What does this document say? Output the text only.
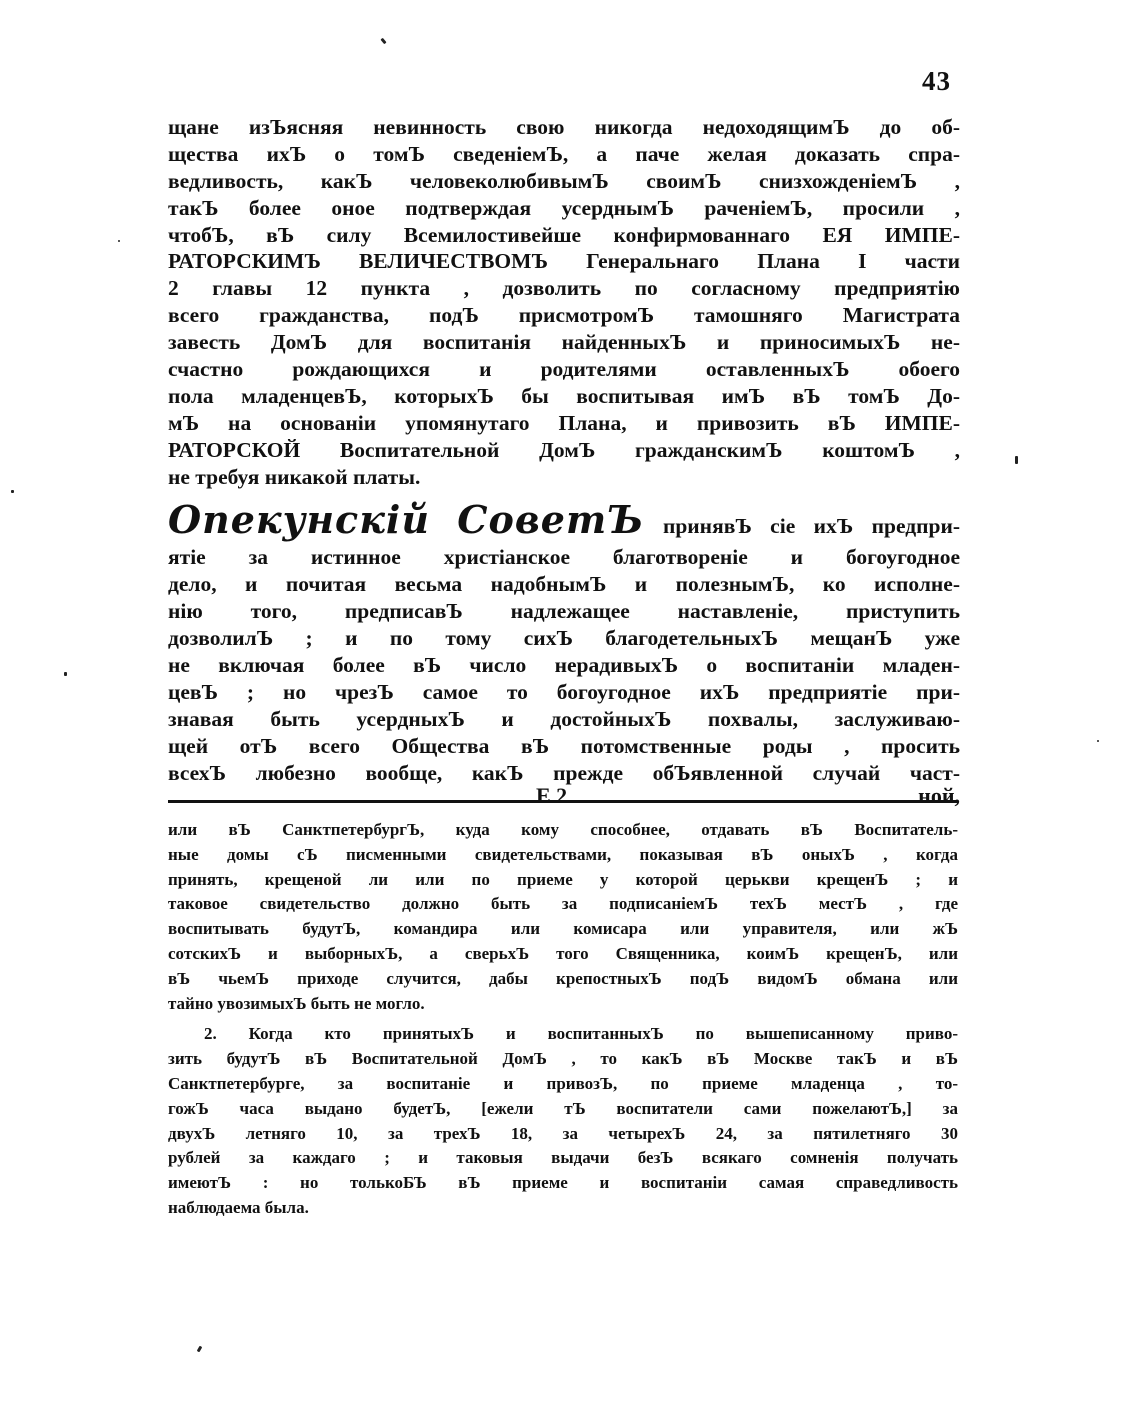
43
щане изЪясняя невинность свою никогда недоходящимЪ до об-
щества ихЪ о томЪ сведенiемЪ, а паче желая доказать спра-
ведливость, какЪ человеколюбивымЪ своимЪ снизхожденiемЪ ,
такЪ более оное подтверждая усерднымЪ раченiемЪ, просили ,
чтобЪ, вЪ силу Всемилостивейше конфирмованнаго ЕЯ ИМПЕ-
РАТОРСКИМЪ ВЕЛИЧЕСТВОМЪ Генеральнаго Плана I части
2 главы 12 пункта , дозволить по согласному предприятiю
всего гражданства, подЪ присмотромЪ тамошняго Магистрата
завесть ДомЪ для воспитанiя найденныхЪ и приносимыхЪ не-
счастно рождающихся и родителями оставленныхЪ обоего
пола младенцевЪ, которыхЪ бы воспитывая имЪ вЪ томЪ До-
мЪ на основанiи упомянутаго Плана, и привозить вЪ ИМПЕ-
РАТОРСКОЙ Воспитательной ДомЪ гражданскимЪ коштомЪ ,
не требуя никакой платы.
Опекунскiй СоветЪ принявЪ сiе ихЪ предпри-
ятiе за истинное христiанское благотворенiе и богоугодное
дело, и почитая весьма надобнымЪ и полезнымЪ, ко исполне-
нiю того, предписавЪ надлежащее наставленiе, приступить
дозволилЪ ; и по тому сихЪ благодетельныхЪ мещанЪ уже
не включая более вЪ число нерадивыхЪ о воспитанiи младен-
цевЪ ; но чрезЪ самое то богоугодное ихЪ предприятiе при-
знавая быть усердныхЪ и достойныхЪ похвалы, заслуживаю-
щей отЪ всего Общества вЪ потомственные роды , просить
всехЪ любезно вообще, какЪ прежде обЪявленной случай част-
Е 2	ной,
или вЪ СанктпетербургЪ, куда кому способнее, отдавать вЪ Воспитатель-
ные домы сЪ писменными свидетельствами, показывая вЪ оныхЪ , когда
принять, крещеной ли или по приеме у которой церькви крещенЪ ; и
таковое свидетельство должно быть за подписанiемЪ техЪ местЪ , где
воспитывать будутЪ, командира или комисара или управителя, или жЪ
сотскихЪ и выборныхЪ, а сверьхЪ того Священника, коимЪ крещенЪ, или
вЪ чьемЪ приходе случится, дабы крепостныхЪ подЪ видомЪ обмана или
тайно увозимыхЪ быть не могло.
2. Когда кто принятыхЪ и воспитанныхЪ по вышеписанному приво-
зить будутЪ вЪ Воспитательной ДомЪ , то какЪ вЪ Москве такЪ и вЪ
Санктпетербурге, за воспитанiе и привозЪ, по приеме младенца , то-
гожЪ часа выдано будетЪ, [ежели тЪ воспитатели сами пожелаютЪ,] за
двухЪ летняго 10, за трехЪ 18, за четырехЪ 24, за пятилетняго 30
рублей за каждаго ; и таковыя выдачи безЪ всякаго сомненiя получать
имеютЪ : но толькоБЪ вЪ приеме и воспитанiи самая справедливость
наблюдаема была.
